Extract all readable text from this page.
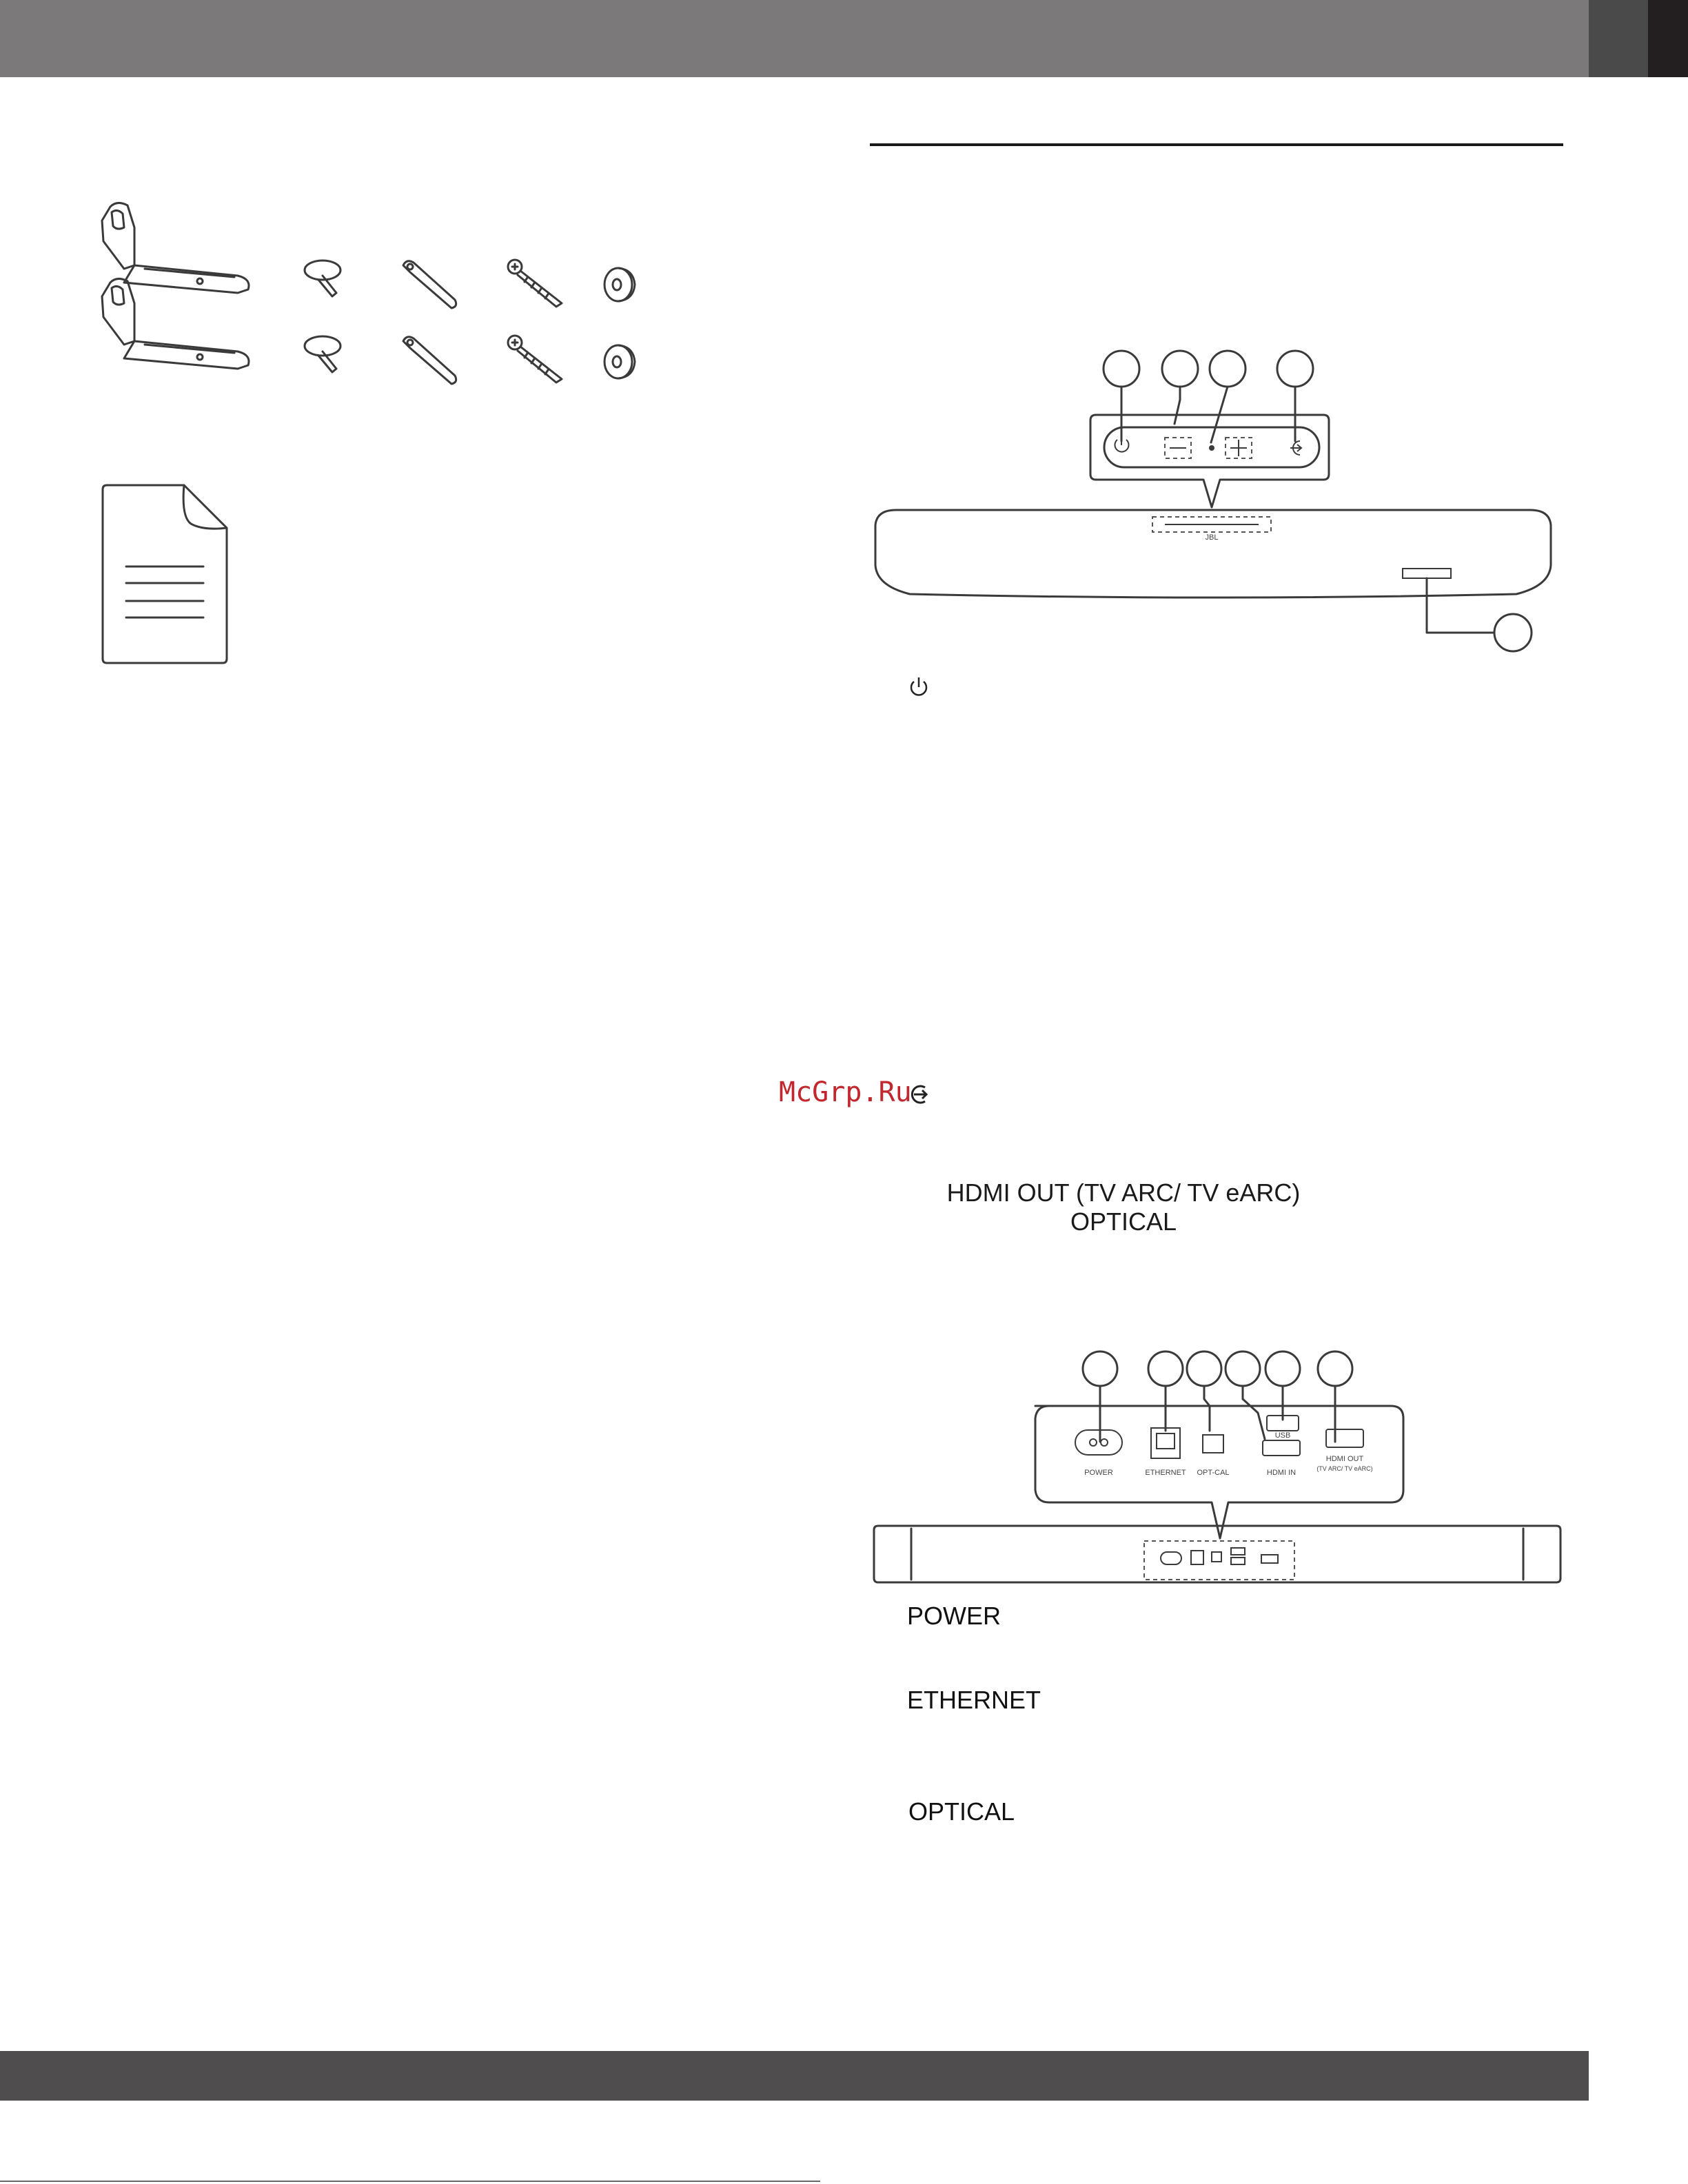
JBL
McGrp.Ru
HDMI OUT (TV ARC/ TV eARC)
OPTICAL
POWER	ETHERNET OPT-CAL
USB
HDMI IN
HDMI OUT
(TV ARC/ TV eARC)
POWER
ETHERNET
OPTICAL
